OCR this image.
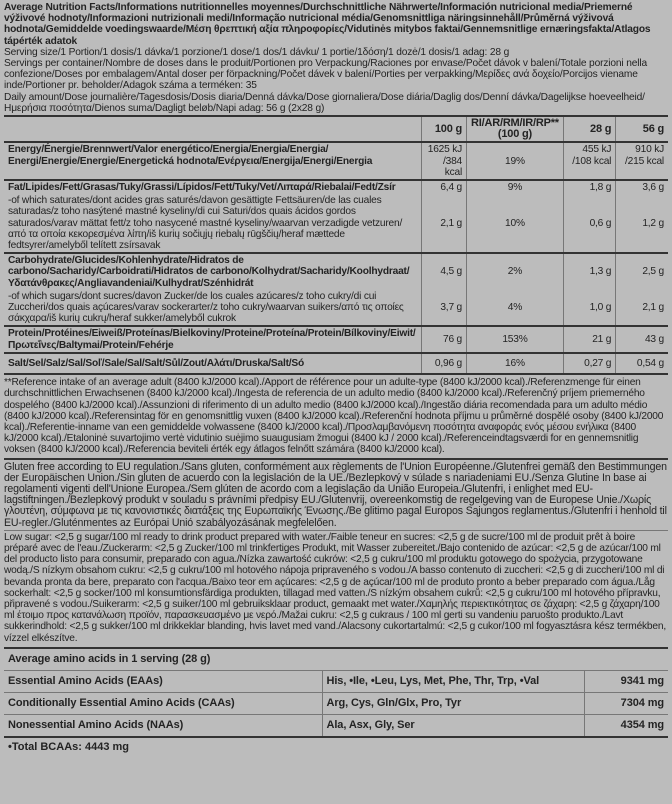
Average Nutrition Facts/Informations nutritionnelles moyennes/Durchschnittliche Nährwerte/Información nutricional media/Priemerné výživové hodnoty/Informazioni nutrizionali medi/Informação nutricional média/Genomsnittliga näringsinnehåll/Průměrná výživová hodnota/Gemiddelde voedingswaarde/Μέση θρεπτική αξία πληροφορίες/Vidutinės mitybos faktai/Gennemsnitlige ernæringsfakta/Atlagos tápérték adatok
Serving size/1 Portion/1 dosis/1 dávka/1 porzione/1 dose/1 dos/1 dávku/ 1 portie/1δόση/1 dozė/1 dosis/1 adag: 28 g
Servings per container/Nombre de doses dans le produit/Portionen pro Verpackung/Raciones por envase/Počet dávok v balení/Totale porzioni nella confezione/Doses por embalagem/Antal doser per förpackning/Počet dávek v balení/Porties per verpakking/Μερίδες ανά δοχείο/Porcijos viename inde/Portioner pr. beholder/Adagok száma a terméken: 35
Daily amount/Dose journalière/Tagesdosis/Dosis diaria/Denná dávka/Dose giornaliera/Dose diária/Daglig dos/Denní dávka/Dagelijkse hoeveelheid/Ημερήσια ποσότητα/Dienos suma/Dagligt beløb/Napi adag: 56 g (2x28 g)
	100 g	RI/AR/RM/IR/RP** (100 g)	28 g	56 g
Energy/Énergie/Brennwert/Valor energético/Energia/Energia/Energia/
Energi/Energie/Energie/Energetická hodnota/Ενέργεια/Energija/Energi/Energia	1625 kJ /384 kcal	19%	455 kJ /108 kcal	910 kJ /215 kcal
Fat/Lipides/Fett/Grasas/Tuky/Grassi/Lípidos/Fett/Tuky/Vet/Λιπαρά/Riebalai/Fedt/Zsír	6,4 g	9%	1,8 g	3,6 g
-of which saturates/dont acides gras saturés/davon gesättigte Fettsäuren/de las cuales saturadas/z toho nasýtené mastné kyseliny/di cui Saturi/dos quais ácidos gordos saturados/varav mättat fett/z toho nasycené mastné kyseliny/waarvan verzadigde vetzuren/από τα οποία κεκορεσμένα λίπη/iš kurių sočiųjų riebalų rūgščių/heraf mættede fedtsyrer/amelyből telített zsírsavak	2,1 g	10%	0,6 g	1,2 g
Carbohydrate/Glucides/Kohlenhydrate/Hidratos de carbono/Sacharidy/Carboidrati/Hidratos de carbono/Kolhydrat/Sacharidy/Koolhydraat/Υδατάνθρακες/Angliavandeniai/Kulhydrat/Szénhidrát	4,5 g	2%	1,3 g	2,5 g
-of which sugars/dont sucres/davon Zucker/de los cuales azúcares/z toho cukry/di cui Zuccheri/dos quais açúcares/varav sockerarter/z toho cukry/waarvan suikers/από τις οποίες σάκχαρα/iš kurių cukrų/heraf sukker/amelyből cukrok	3,7 g	4%	1,0 g	2,1 g
Protein/Protéines/Eiweiß/Proteínas/Bielkoviny/Proteine/Proteína/Protein/Bílkoviny/Eiwit/Πρωτεΐνες/Baltymai/Protein/Fehérje	76 g	153%	21 g	43 g
Salt/Sel/Salz/Sal/Soľ/Sale/Sal/Salt/Sůl/Zout/Αλάτι/Druska/Salt/Só	0,96 g	16%	0,27 g	0,54 g
**Reference intake of an average adult (8400 kJ/2000 kcal)./Apport de référence pour un adulte-type (8400 kJ/2000 kcal)./Referenzmenge für einen durchschnittlichen Erwachsenen (8400 kJ/2000 kcal)./Ingesta de referencia de un adulto medio (8400 kJ/2000 kcal)./Referenčný príjem priemerného dospelého (8400 kJ/2000 kcal)./Assunzioni di riferimento di un adulto medio (8400 kJ/2000 kcal)./Ingestão diária recomendada para um adulto médio (8400 kJ/2000 kcal)./Referensintag för en genomsnittlig vuxen (8400 kJ/2000 kcal)./Referenční hodnota příjmu u průměrné dospělé osoby (8400 kJ/2000 kcal)./Referentie-inname van een gemiddelde volwassene (8400 kJ/2000 kcal)./Προσλαμβανόμενη ποσότητα αναφοράς ενός μέσου ενήλικα (8400 kJ/2000 kcal)./Etaloninė suvartojimo vertė vidutinio suėjimo suaugusiam žmogui (8400 kJ / 2000 kcal)./Referenceindtagsværdi for en gennemsnitlig voksen (8400 kJ/2000 kcal)./Referencia beviteli érték egy átlagos felnőtt számára (8400 kJ/2000 kcal).
Gluten free according to EU regulation./Sans gluten, conformément aux règlements de l'Union Européenne./Glutenfrei gemäß den Bestimmungen der Europäischen Union./Sin gluten de acuerdo con la legislación de la UE./Bezlepkový v súlade s nariadeniami EU./Senza Glutine In base ai regolamenti vigenti dell'Unione Europea./Sem glúten de acordo com a legislação da União Europeia./Glutenfri, i enlighet med EU-lagstiftningen./Bezlepkový produkt v souladu s právními předpisy EU./Glutenvrij, overeenkomstig de regelgeving van de Europese Unie./Χωρίς γλουτένη, σύμφωνα με τις κανονιστικές διατάξεις της Ευρωπαϊκής Ένωσης./Be glitimo pagal Europos Sąjungos reglamentus./Glutenfri i henhold til EU-regler./Gluténmentes az Európai Unió szabályozásának megfelelően.
Low sugar: <2,5 g sugar/100 ml ready to drink product prepared with water./Faible teneur en sucres: <2,5 g de sucre/100 ml de produit prêt à boire préparé avec de l'eau./Zuckerarm: <2,5 g Zucker/100 ml trinkfertiges Produkt, mit Wasser zubereitet./Bajo contenido de azúcar: <2,5 g de azúcar/100 ml del producto listo para consumir, preparado con agua./Nízka zawartość cukrów: <2,5 g cukru/100 ml produktu gotowego do spożycia, przygotowane wodą./S nízkym obsahom cukru: <2,5 g cukru/100 ml hotového nápoja pripraveného s vodou./A basso contenuto di zuccheri: <2,5 g di zuccheri/100 ml di bevanda pronta da bere, preparato con l'acqua./Baixo teor em açúcares: <2,5 g de açúcar/100 ml de produto pronto a beber preparado com água./Låg sockerhalt: <2,5 g socker/100 ml konsumtionsfärdiga produkten, tillagad med vatten./S nízkým obsahem cukrů: <2,5 g cukru/100 ml hotového přípravku, připravené s vodou./Suikerarm: <2,5 g suiker/100 ml gebruiksklaar product, gemaakt met water./Χαμηλής περιεκτικότητας σε ζάχαρη: <2,5 g ζάχαρη/100 ml έτοιμο προς κατανάλωση προϊόν, παρασκευασμένο με νερό./Mažai cukru: <2,5 g cukraus / 100 ml gerti su vandeniu paruošto produkto./Lavt sukkerindhold: <2,5 g sukker/100 ml drikkeklar blanding, hvis lavet med vand./Alacsony cukortartalmú: <2,5 g cukor/100 ml fogyasztásra kész termékben, vízzel elkészítve.
Average amino acids in 1 serving (28 g)		
Essential Amino Acids (EAAs)	His, •Ile, •Leu, Lys, Met, Phe, Thr, Trp, •Val	9341 mg
Conditionally Essential Amino Acids (CAAs)	Arg, Cys, Gln/Glx, Pro, Tyr	7304 mg
Nonessential Amino Acids (NAAs)	Ala, Asx, Gly, Ser	4354 mg
•Total BCAAs: 4443 mg
